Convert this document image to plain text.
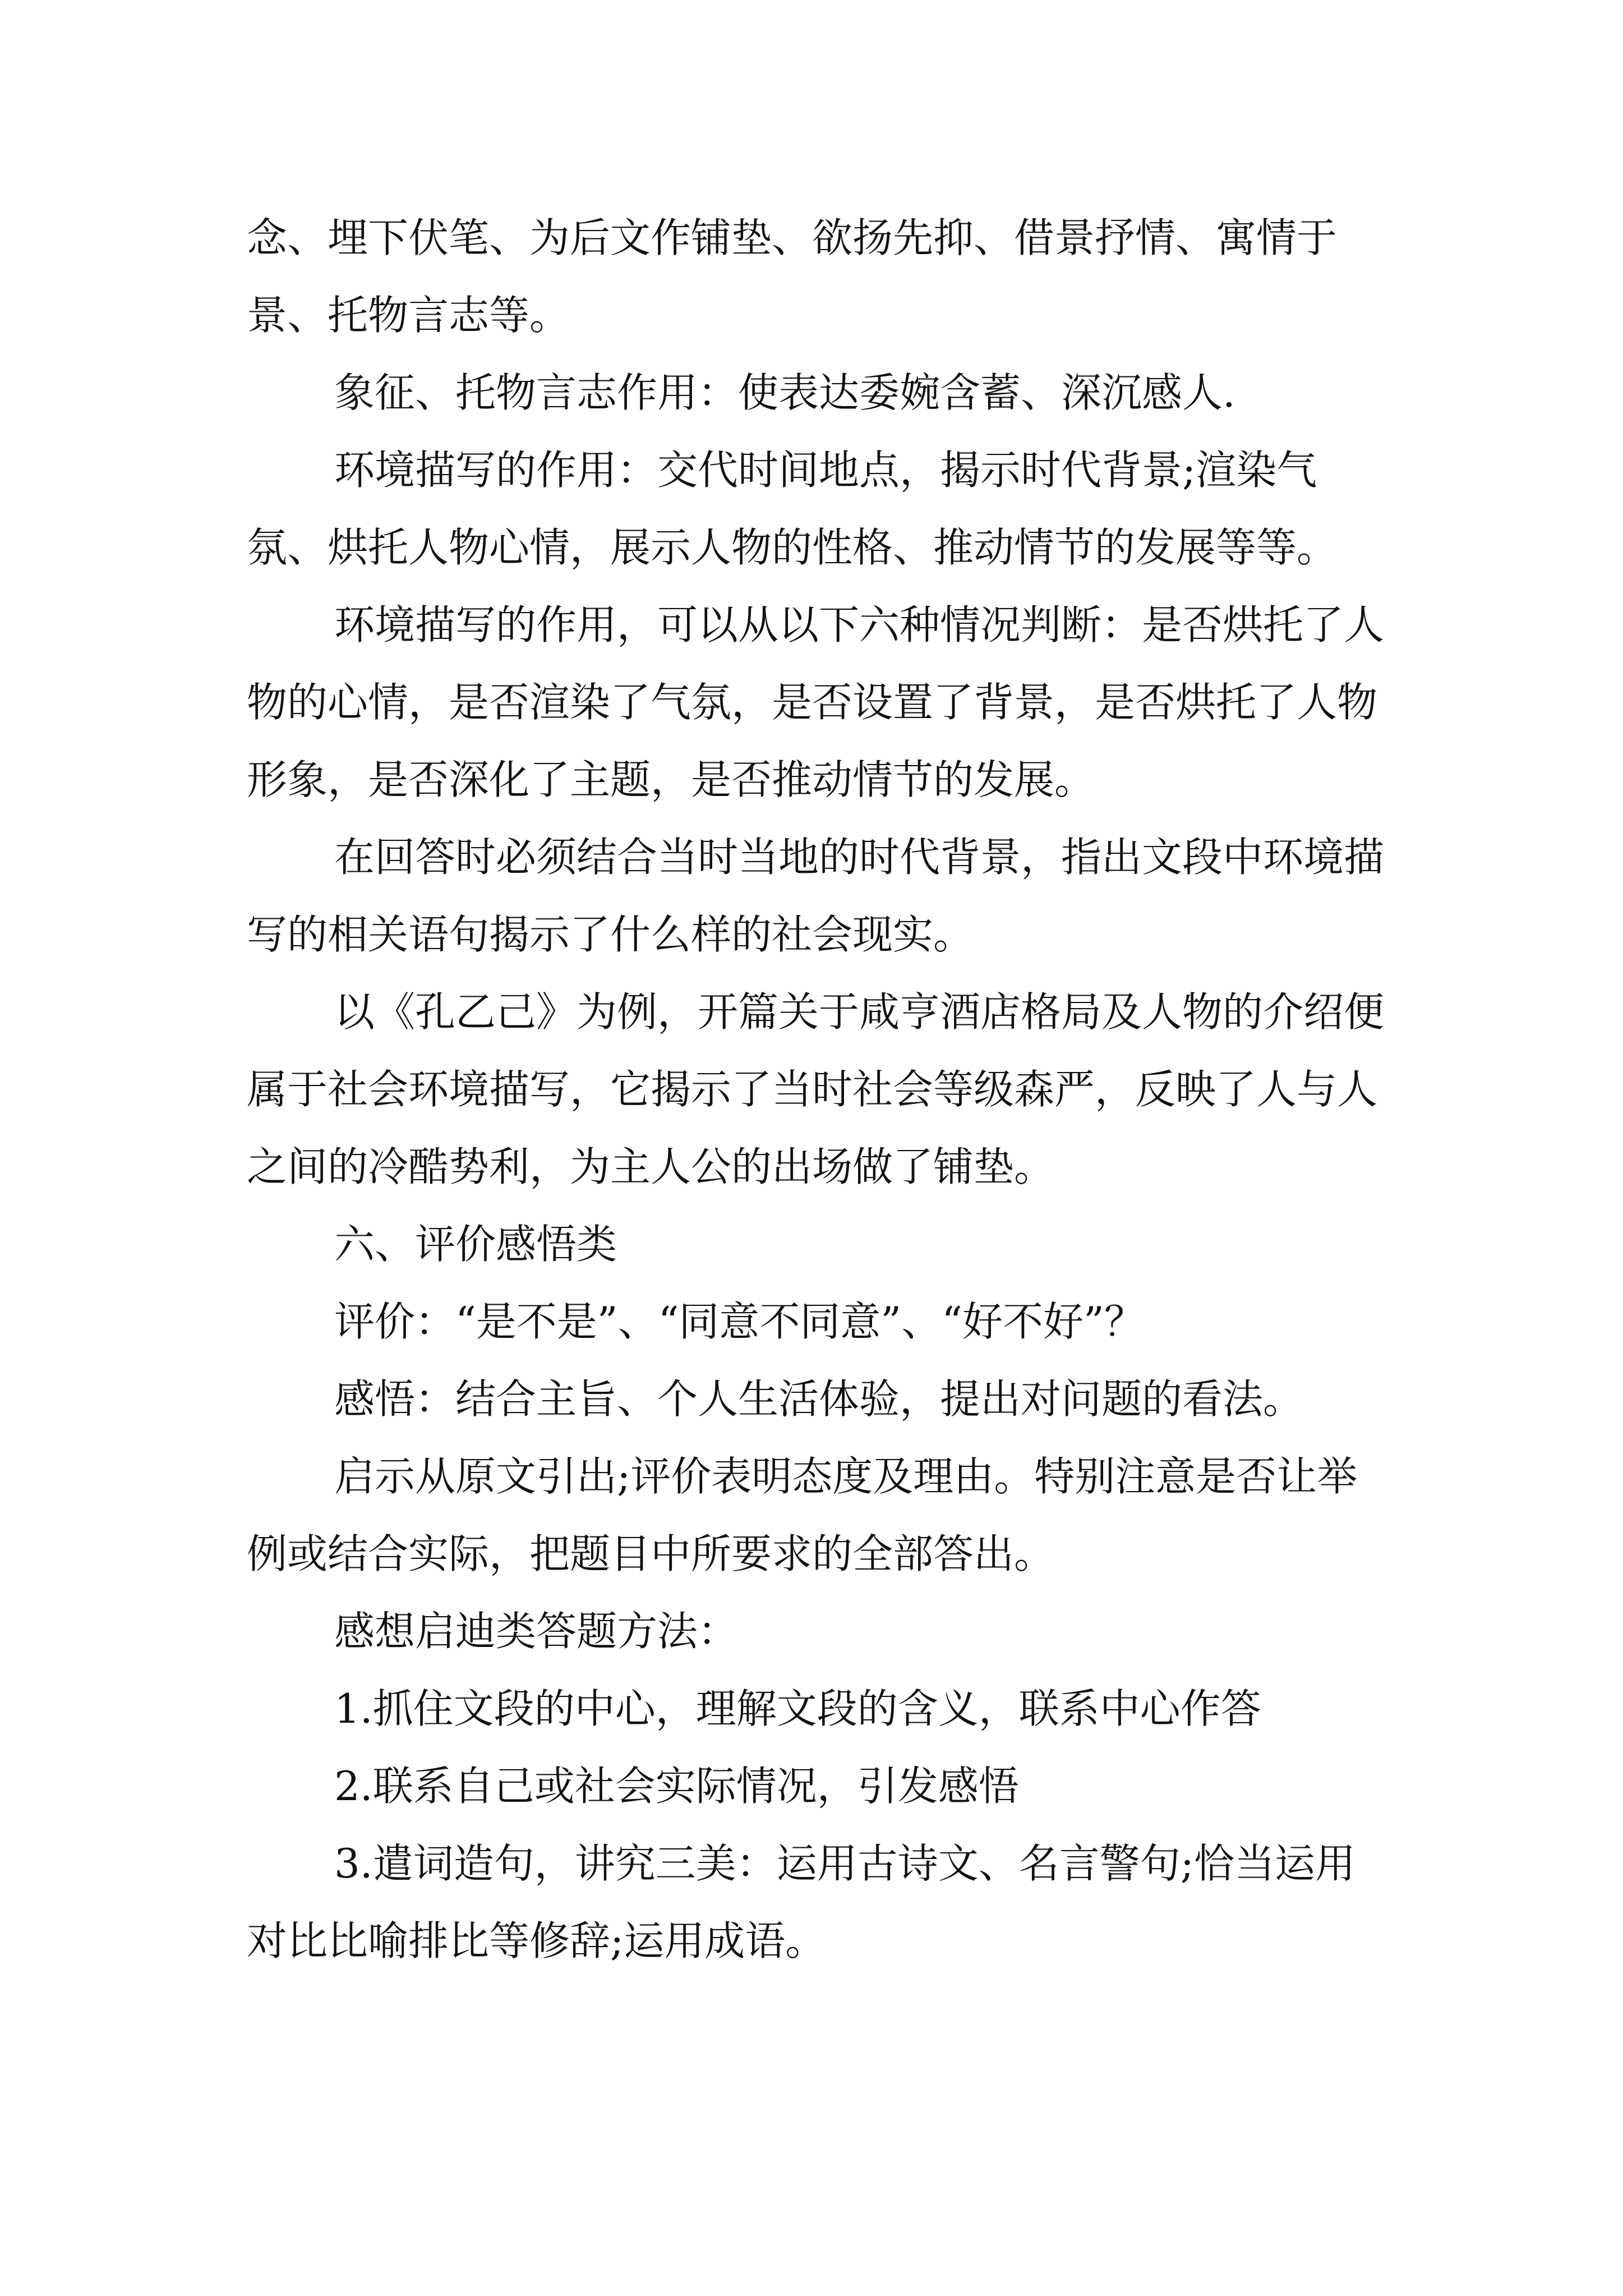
念、埋下伏笔、为后文作铺垫、欲扬先抑、借景抒情、寓情于景、托物言志等。

象征、托物言志作用：使表达委婉含蓄、深沉感人.

环境描写的作用：交代时间地点，揭示时代背景;渲染气氛、烘托人物心情，展示人物的性格、推动情节的发展等等。

环境描写的作用，可以从以下六种情况判断：是否烘托了人物的心情，是否渲染了气氛，是否设置了背景，是否烘托了人物形象，是否深化了主题，是否推动情节的发展。

在回答时必须结合当时当地的时代背景，指出文段中环境描写的相关语句揭示了什么样的社会现实。

以《孔乙己》为例，开篇关于咸亨酒店格局及人物的介绍便属于社会环境描写，它揭示了当时社会等级森严，反映了人与人之间的冷酷势利，为主人公的出场做了铺垫。

六、评价感悟类

评价：“是不是”、“同意不同意”、“好不好”？

感悟：结合主旨、个人生活体验，提出对问题的看法。

启示从原文引出;评价表明态度及理由。特别注意是否让举例或结合实际，把题目中所要求的全部答出。

感想启迪类答题方法：

1.抓住文段的中心，理解文段的含义，联系中心作答

2.联系自己或社会实际情况，引发感悟

3.遣词造句，讲究三美：运用古诗文、名言警句;恰当运用对比比喻排比等修辞;运用成语。
